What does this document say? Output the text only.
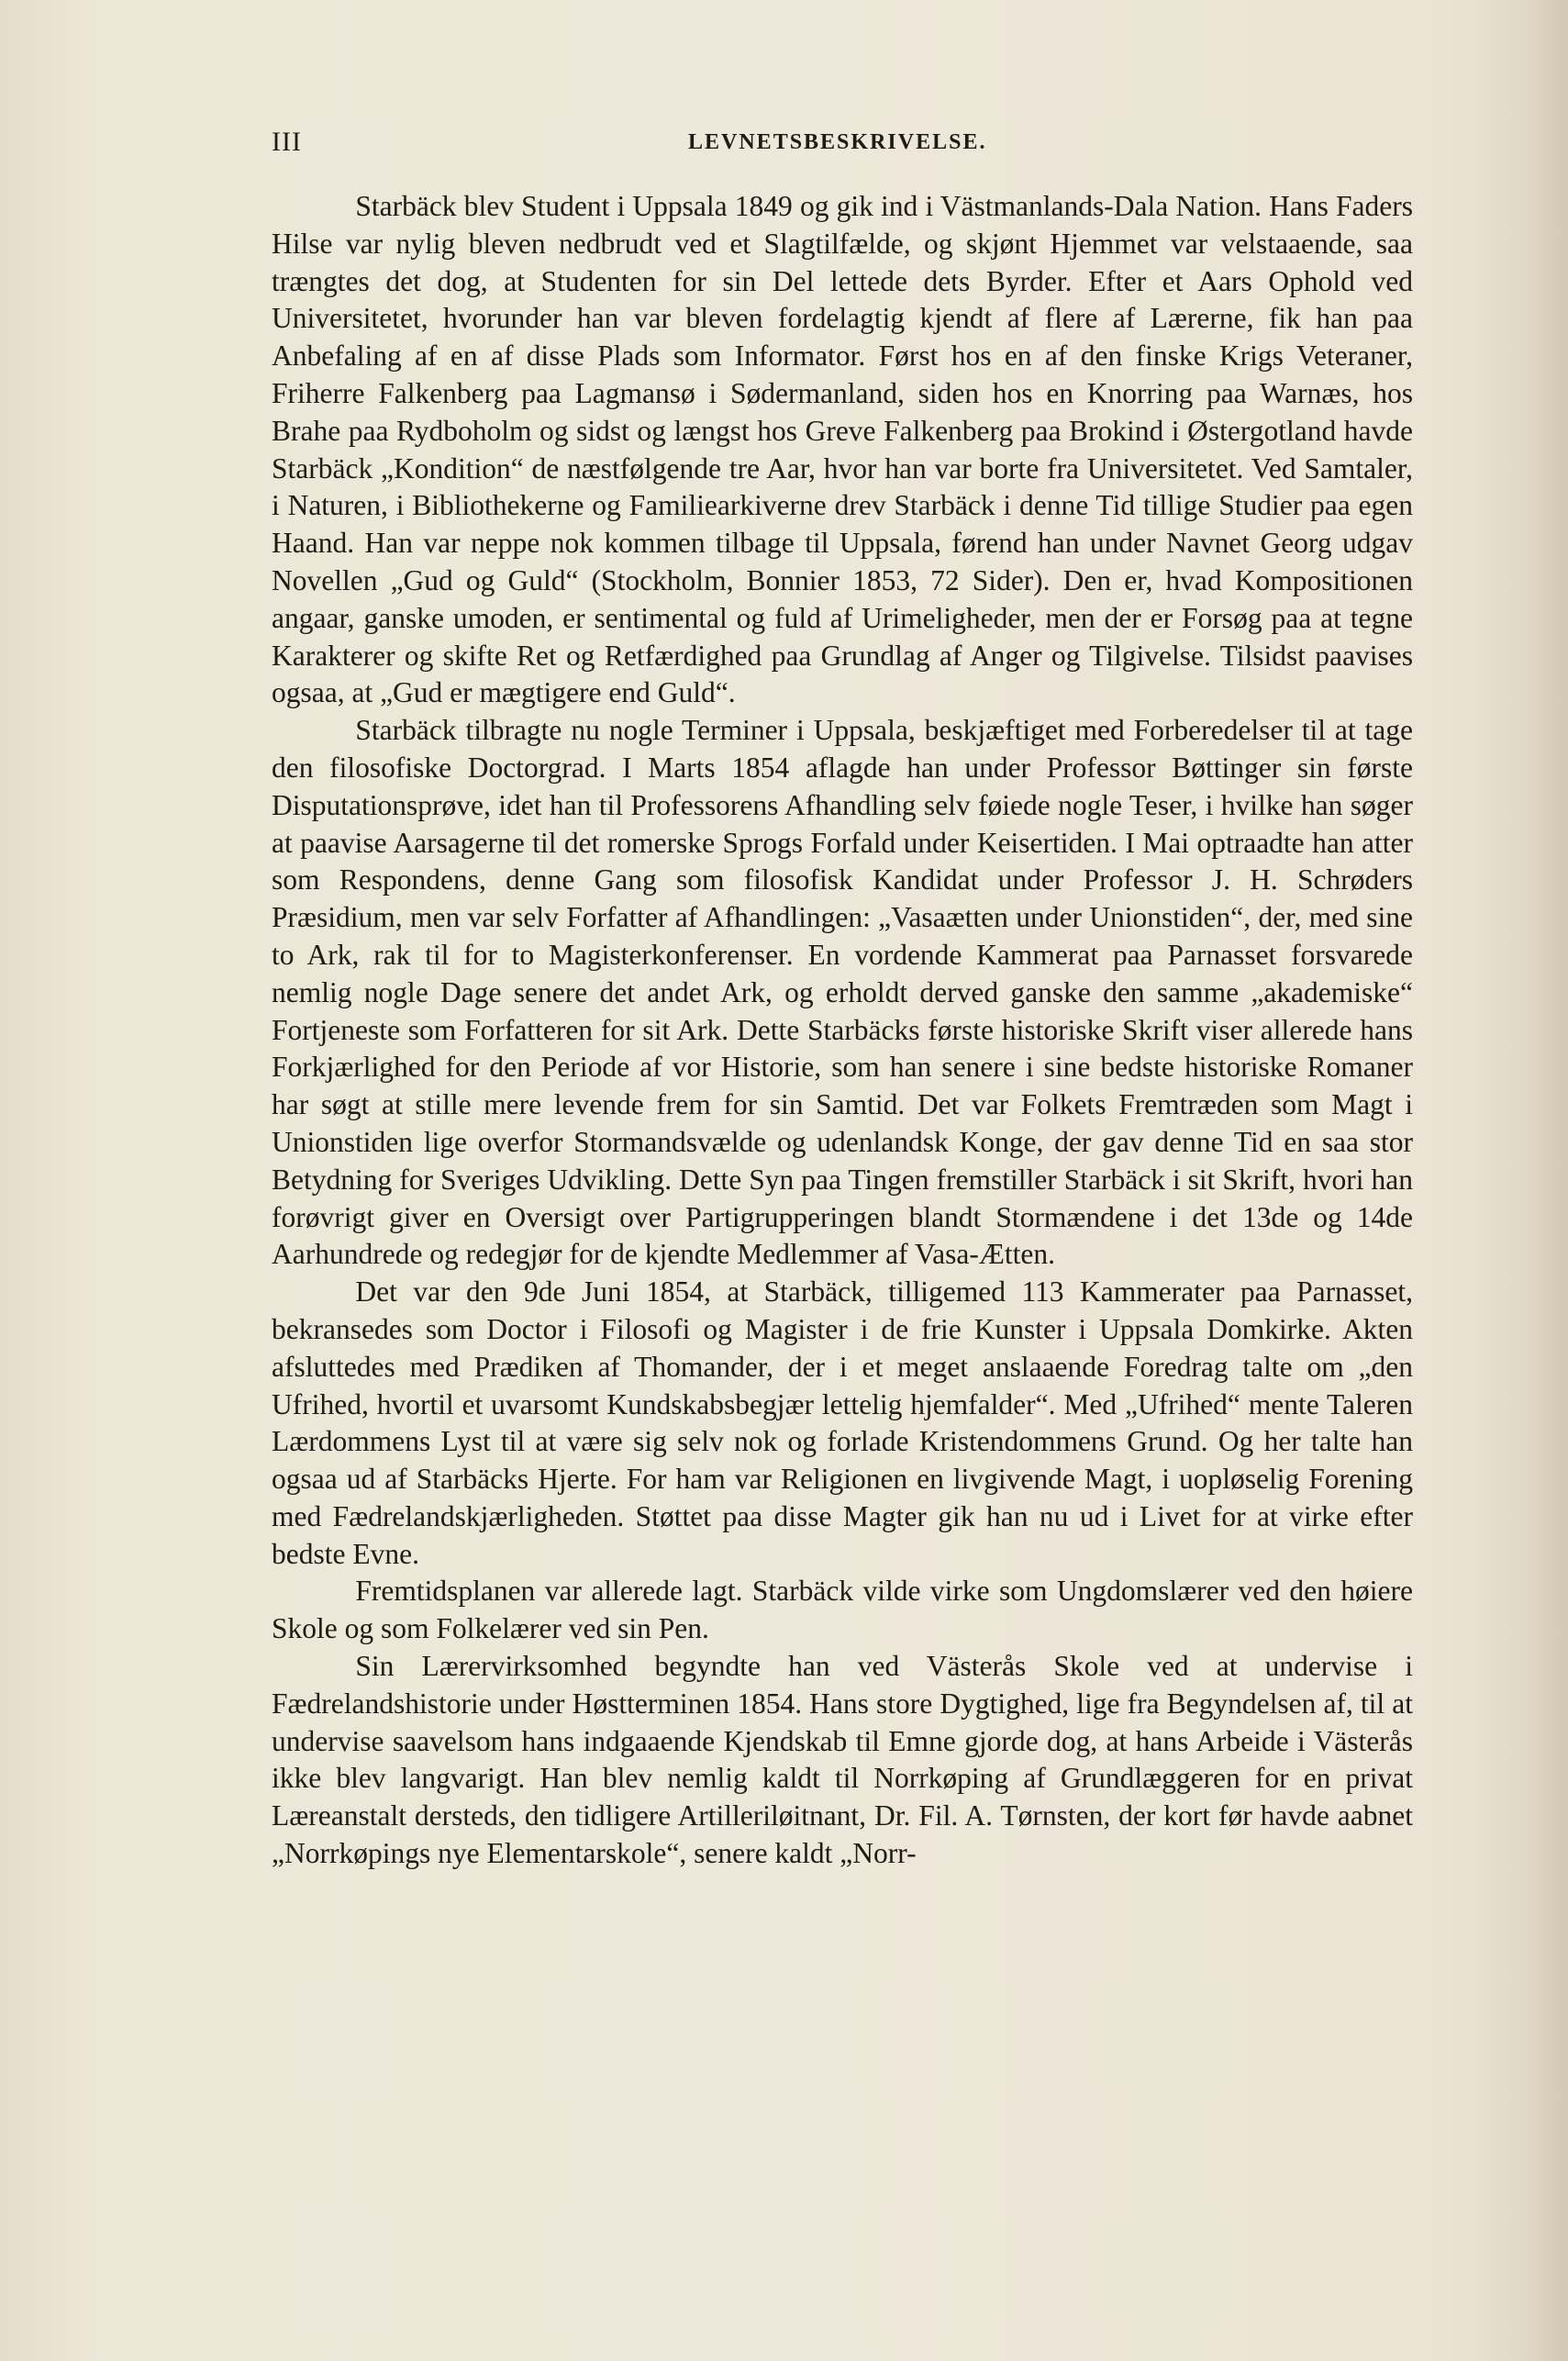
III	LEVNETSBESKRIVELSE.

Starbäck blev Student i Uppsala 1849 og gik ind i Västmanlands-Dala Nation. Hans Faders Hilse var nylig bleven nedbrudt ved et Slagtilfælde, og skjønt Hjemmet var velstaaende, saa trængtes det dog, at Studenten for sin Del lettede dets Byrder. Efter et Aars Ophold ved Universitetet, hvorunder han var bleven fordelagtig kjendt af flere af Lærerne, fik han paa Anbefaling af en af disse Plads som Informator. Først hos en af den finske Krigs Veteraner, Friherre Falkenberg paa Lagmansø i Sødermanland, siden hos en Knorring paa Warnæs, hos Brahe paa Rydboholm og sidst og længst hos Greve Falkenberg paa Brokind i Østergotland havde Starbäck „Kondition“ de næstfølgende tre Aar, hvor han var borte fra Universitetet. Ved Samtaler, i Naturen, i Bibliothekerne og Familiearkiverne drev Starbäck i denne Tid tillige Studier paa egen Haand. Han var neppe nok kommen tilbage til Uppsala, førend han under Navnet Georg udgav Novellen „Gud og Guld“ (Stockholm, Bonnier 1853, 72 Sider). Den er, hvad Kompositionen angaar, ganske umoden, er sentimental og fuld af Urimeligheder, men der er Forsøg paa at tegne Karakterer og skifte Ret og Retfærdighed paa Grundlag af Anger og Tilgivelse. Tilsidst paavises ogsaa, at „Gud er mægtigere end Guld“.

Starbäck tilbragte nu nogle Terminer i Uppsala, beskjæftiget med Forberedelser til at tage den filosofiske Doctorgrad. I Marts 1854 aflagde han under Professor Bøttinger sin første Disputationsprøve, idet han til Professorens Afhandling selv føiede nogle Teser, i hvilke han søger at paavise Aarsagerne til det romerske Sprogs Forfald under Keisertiden. I Mai optraadte han atter som Respondens, denne Gang som filosofisk Kandidat under Professor J. H. Schrøders Præsidium, men var selv Forfatter af Afhandlingen: „Vasaætten under Unionstiden“, der, med sine to Ark, rak til for to Magisterkonferenser. En vordende Kammerat paa Parnasset forsvarede nemlig nogle Dage senere det andet Ark, og erholdt derved ganske den samme „akademiske“ Fortjeneste som Forfatteren for sit Ark. Dette Starbäcks første historiske Skrift viser allerede hans Forkjærlighed for den Periode af vor Historie, som han senere i sine bedste historiske Romaner har søgt at stille mere levende frem for sin Samtid. Det var Folkets Fremtræden som Magt i Unionstiden lige overfor Stormandsvælde og udenlandsk Konge, der gav denne Tid en saa stor Betydning for Sveriges Udvikling. Dette Syn paa Tingen fremstiller Starbäck i sit Skrift, hvori han forøvrigt giver en Oversigt over Partigrupperingen blandt Stormændene i det 13de og 14de Aarhundrede og redegjør for de kjendte Medlemmer af Vasa-Ætten.

Det var den 9de Juni 1854, at Starbäck, tilligemed 113 Kammerater paa Parnasset, bekransedes som Doctor i Filosofi og Magister i de frie Kunster i Uppsala Domkirke. Akten afsluttedes med Prædiken af Thomander, der i et meget anslaaende Foredrag talte om „den Ufrihed, hvortil et uvarsomt Kundskabsbegjær lettelig hjemfalder“. Med „Ufrihed“ mente Taleren Lærdommens Lyst til at være sig selv nok og forlade Kristendommens Grund. Og her talte han ogsaa ud af Starbäcks Hjerte. For ham var Religionen en livgivende Magt, i uopløselig Forening med Fædrelandskjærligheden. Støttet paa disse Magter gik han nu ud i Livet for at virke efter bedste Evne.

Fremtidsplanen var allerede lagt. Starbäck vilde virke som Ungdomslærer ved den høiere Skole og som Folkelærer ved sin Pen.

Sin Lærervirksomhed begyndte han ved Västerås Skole ved at undervise i Fædrelandshistorie under Høstterminen 1854. Hans store Dygtighed, lige fra Begyndelsen af, til at undervise saavelsom hans indgaaende Kjendskab til Emne gjorde dog, at hans Arbeide i Västerås ikke blev langvarigt. Han blev nemlig kaldt til Norrkøping af Grundlæggeren for en privat Læreanstalt dersteds, den tidligere Artilleriløitnant, Dr. Fil. A. Tørnsten, der kort før havde aabnet „Norrkøpings nye Elementarskole“, senere kaldt „Norr-
